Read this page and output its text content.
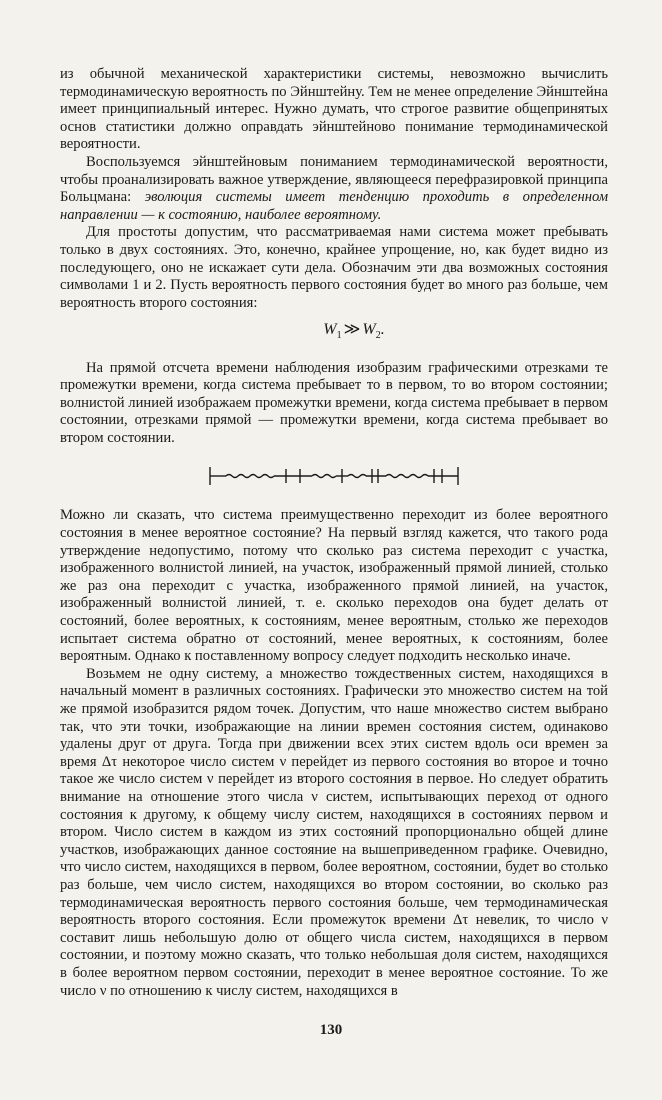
из обычной механической характеристики системы, невозможно вычислить термодинамическую вероятность по Эйнштейну. Тем не менее определение Эйнштейна имеет принципиальный интерес. Нужно думать, что строгое развитие общепринятых основ статистики должно оправдать эйнштейново понимание термодинамической вероятности.

Воспользуемся эйнштейновым пониманием термодинамической вероятности, чтобы проанализировать важное утверждение, являющееся перефразировкой принципа Больцмана: эволюция системы имеет тенденцию проходить в определенном направлении — к состоянию, наиболее вероятному.

Для простоты допустим, что рассматриваемая нами система может пребывать только в двух состояниях. Это, конечно, крайнее упрощение, но, как будет видно из последующего, оно не искажает сути дела. Обозначим эти два возможных состояния символами 1 и 2. Пусть вероятность первого состояния будет во много раз больше, чем вероятность второго состояния:

$W_1$ ≫ $W_2$.

На прямой отсчета времени наблюдения изобразим графическими отрезками те промежутки времени, когда система пребывает то в первом, то во втором состоянии; волнистой линией изображаем промежутки времени, когда система пребывает в первом состоянии, отрезками прямой — промежутки времени, когда система пребывает во втором состоянии.

Можно ли сказать, что система преимущественно переходит из более вероятного состояния в менее вероятное состояние? На первый взгляд кажется, что такого рода утверждение недопустимо, потому что сколько раз система переходит с участка, изображенного волнистой линией, на участок, изображенный прямой линией, столько же раз она переходит с участка, изображенного прямой линией, на участок, изображенный волнистой линией, т. е. сколько переходов она будет делать от состояний, более вероятных, к состояниям, менее вероятным, столько же переходов испытает система обратно от состояний, менее вероятных, к состояниям, более вероятным. Однако к поставленному вопросу следует подходить несколько иначе.

Возьмем не одну систему, а множество тождественных систем, находящихся в начальный момент в различных состояниях. Графически это множество систем на той же прямой изобразится рядом точек. Допустим, что наше множество систем выбрано так, что эти точки, изображающие на линии времен состояния систем, одинаково удалены друг от друга. Тогда при движении всех этих систем вдоль оси времен за время Δτ некоторое число систем ν перейдет из первого состояния во второе и точно такое же число систем ν перейдет из второго состояния в первое. Но следует обратить внимание на отношение этого числа ν систем, испытывающих переход от одного состояния к другому, к общему числу систем, находящихся в состояниях первом и втором. Число систем в каждом из этих состояний пропорционально общей длине участков, изображающих данное состояние на вышеприведенном графике. Очевидно, что число систем, находящихся в первом, более вероятном, состоянии, будет во столько раз больше, чем число систем, находящихся во втором состоянии, во сколько раз термодинамическая вероятность первого состояния больше, чем термодинамическая вероятность второго состояния. Если промежуток времени Δτ невелик, то число ν составит лишь небольшую долю от общего числа систем, находящихся в первом состоянии, и поэтому можно сказать, что только небольшая доля систем, находящихся в более вероятном первом состоянии, переходит в менее вероятное состояние. То же число ν по отношению к числу систем, находящихся в

130
